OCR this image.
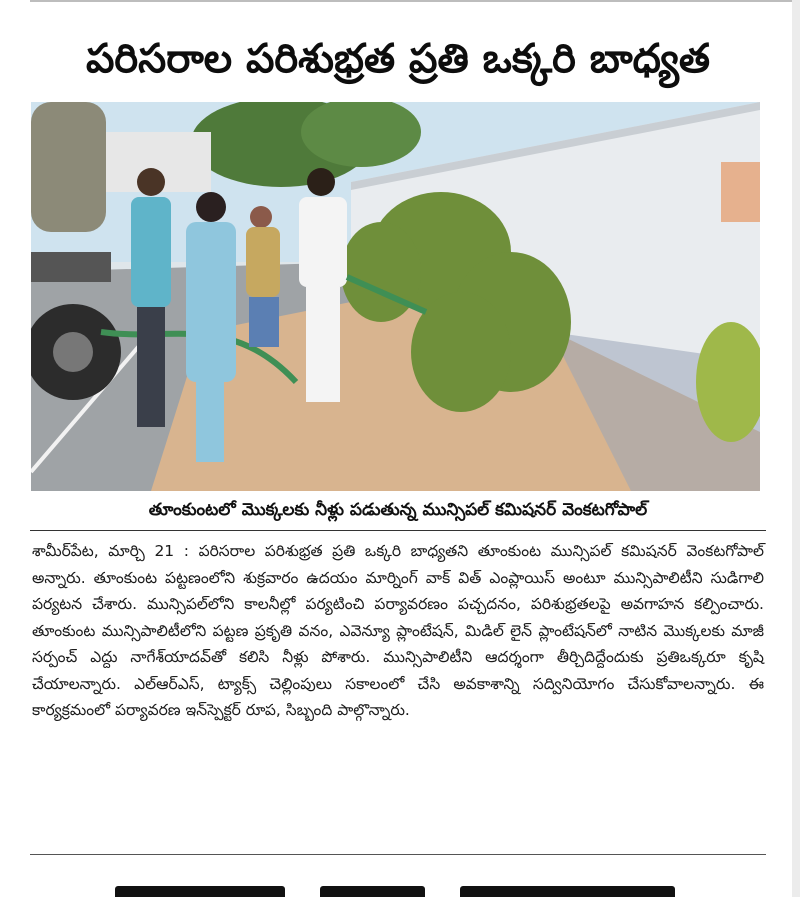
పరిసరాల పరిశుభ్రత ప్రతి ఒక్కరి బాధ్యత
తూంకుంటలో మొక్కలకు నీళ్లు పడుతున్న మున్సిపల్ కమిషనర్ వెంకటగోపాల్
శామీర్‌పేట, మార్చి 21 : పరిసరాల పరిశుభ్రత ప్రతి ఒక్కరి బాధ్యతని తూంకుంట మున్సిపల్ కమిషనర్ వెంకటగోపాల్ అన్నారు. తూంకుంట పట్టణంలోని శుక్రవారం ఉదయం మార్నింగ్ వాక్ విత్ ఎంప్లాయిస్ అంటూ మున్సిపాలిటీని సుడిగాలి పర్యటన చేశారు. మున్సిపల్‌లోని కాలనీల్లో పర్యటించి పర్యావరణం పచ్చదనం, పరిశుభ్రతలపై అవగాహన కల్పించారు. తూంకుంట మున్సిపాలిటీలోని పట్టణ ప్రకృతి వనం, ఎవెన్యూ ప్లాంటేషన్, మిడిల్ లైన్ ప్లాంటేషన్‌లో నాటిన మొక్కలకు మాజీ సర్పంచ్ ఎద్దు నాగేశ్‌యాదవ్‌తో కలిసి నీళ్లు పోశారు. మున్సిపాలిటీని ఆదర్శంగా తీర్చిదిద్దేందుకు ప్రతిఒక్కరూ కృషి చేయాలన్నారు. ఎల్ఆర్ఎస్, ట్యాక్స్ చెల్లింపులు సకాలంలో చేసి అవకాశాన్ని సద్వినియోగం చేసుకోవాలన్నారు. ఈ కార్యక్రమంలో పర్యావరణ ఇన్‌స్పెక్టర్ రూప, సిబ్బంది పాల్గొన్నారు.
